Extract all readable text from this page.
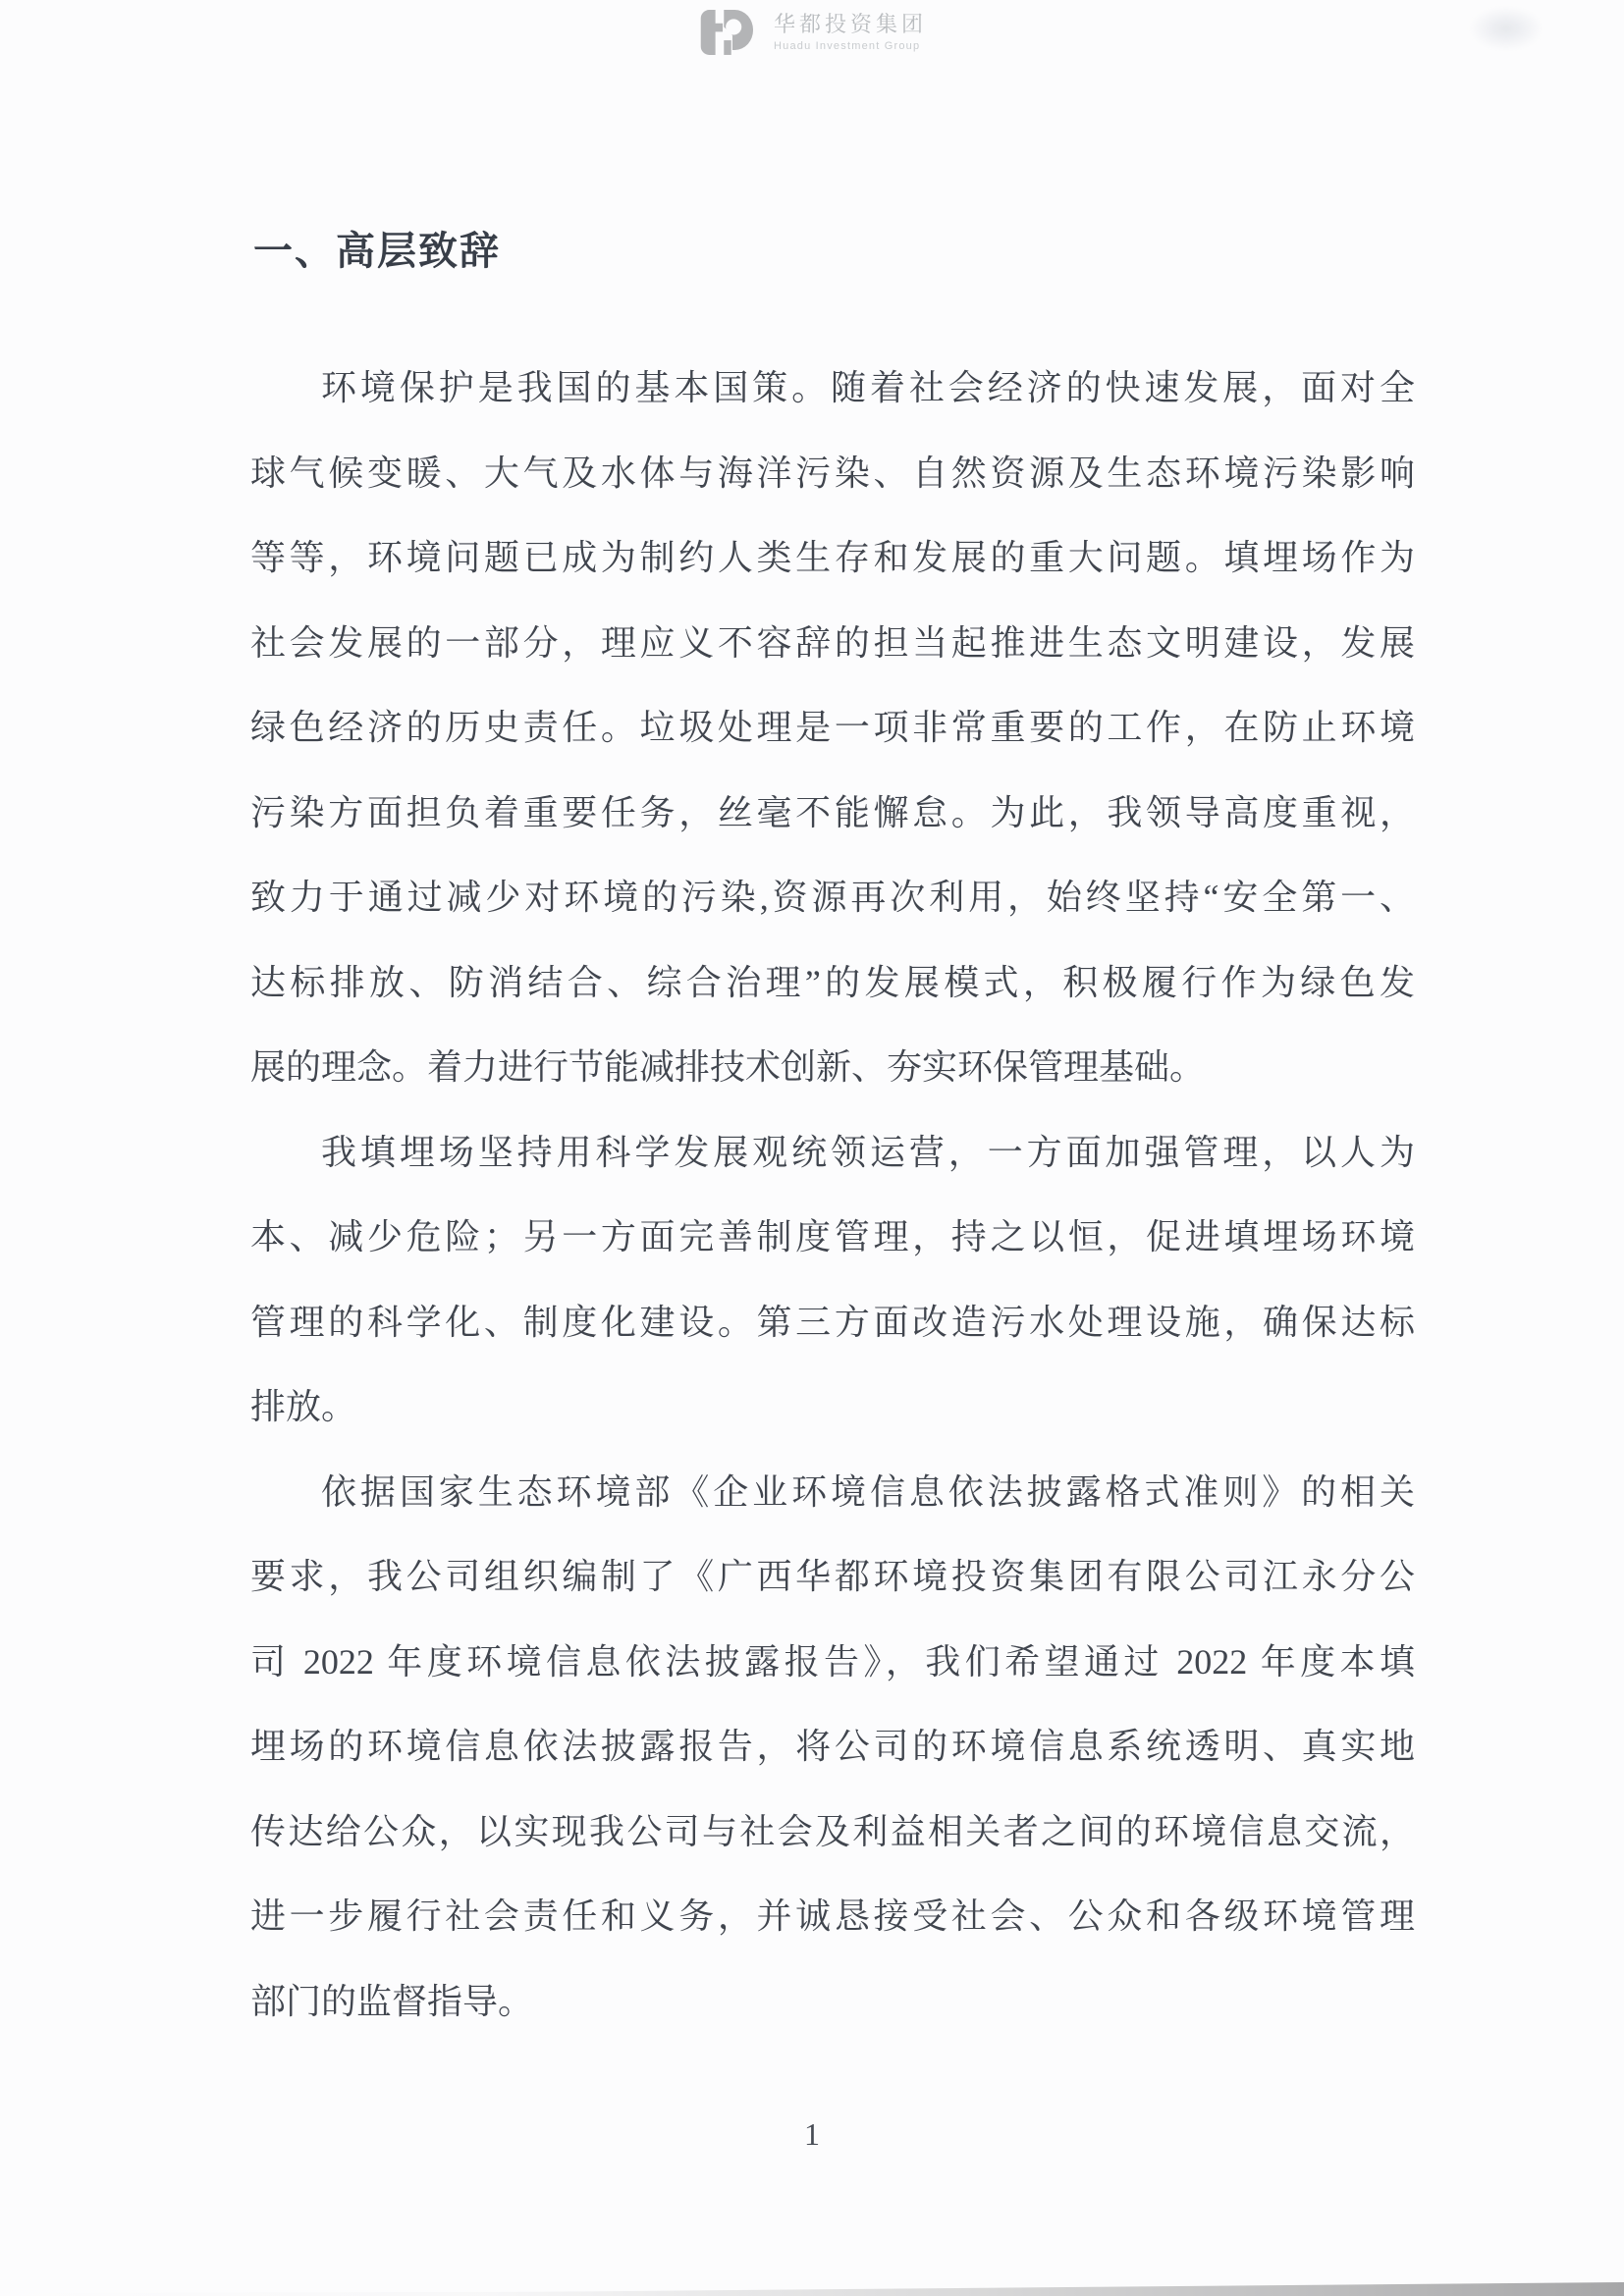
华都投资集团
Huadu Investment Group
一、高层致辞
环境保护是我国的基本国策。随着社会经济的快速发展，面对全
球气候变暖、大气及水体与海洋污染、自然资源及生态环境污染影响
等等，环境问题已成为制约人类生存和发展的重大问题。填埋场作为
社会发展的一部分，理应义不容辞的担当起推进生态文明建设，发展
绿色经济的历史责任。垃圾处理是一项非常重要的工作，在防止环境
污染方面担负着重要任务，丝毫不能懈怠。为此，我领导高度重视，
致力于通过减少对环境的污染,资源再次利用，始终坚持“安全第一、
达标排放、防消结合、综合治理”的发展模式，积极履行作为绿色发
展的理念。着力进行节能减排技术创新、夯实环保管理基础。
我填埋场坚持用科学发展观统领运营，一方面加强管理，以人为
本、减少危险；另一方面完善制度管理，持之以恒，促进填埋场环境
管理的科学化、制度化建设。第三方面改造污水处理设施，确保达标
排放。
依据国家生态环境部《企业环境信息依法披露格式准则》的相关
要求，我公司组织编制了《广西华都环境投资集团有限公司江永分公
司 2022 年度环境信息依法披露报告》，我们希望通过 2022 年度本填
埋场的环境信息依法披露报告，将公司的环境信息系统透明、真实地
传达给公众，以实现我公司与社会及利益相关者之间的环境信息交流，
进一步履行社会责任和义务，并诚恳接受社会、公众和各级环境管理
部门的监督指导。
1
